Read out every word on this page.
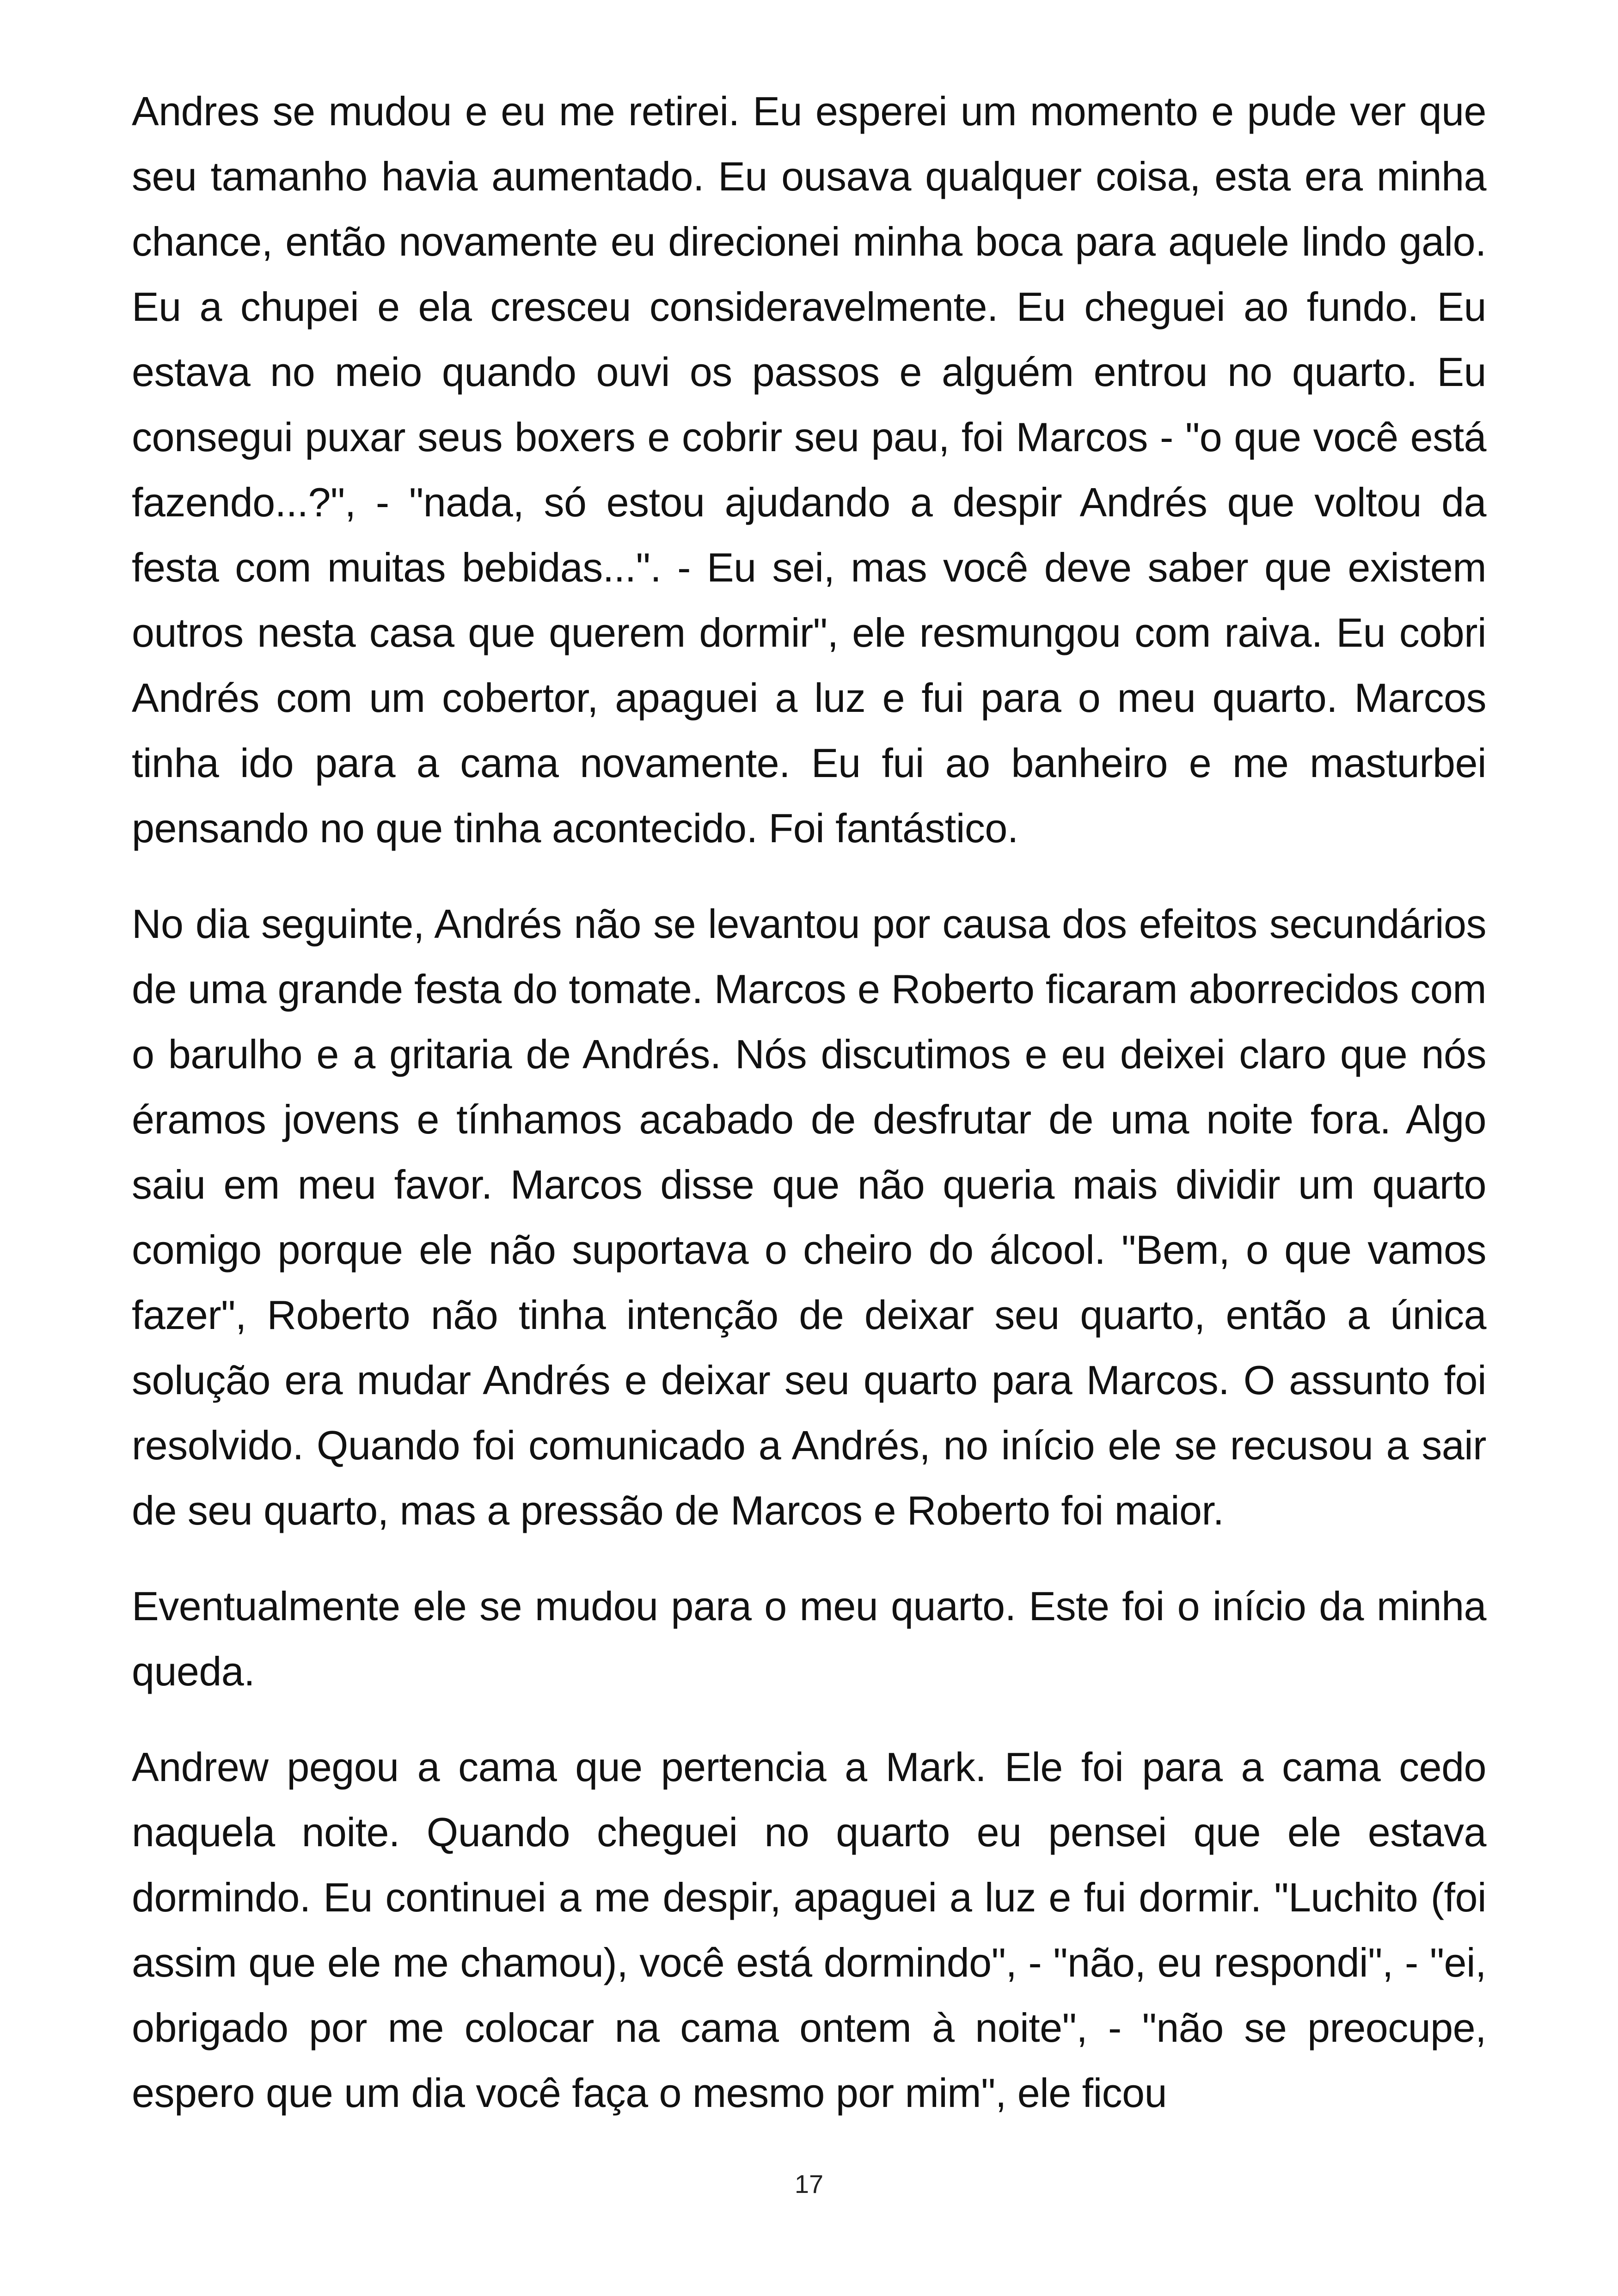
Andres se mudou e eu me retirei. Eu esperei um momento e pude ver que seu tamanho havia aumentado. Eu ousava qualquer coisa, esta era minha chance, então novamente eu direcionei minha boca para aquele lindo galo. Eu a chupei e ela cresceu consideravelmente. Eu cheguei ao fundo. Eu estava no meio quando ouvi os passos e alguém entrou no quarto. Eu consegui puxar seus boxers e cobrir seu pau, foi Marcos - "o que você está fazendo...?", - "nada, só estou ajudando a despir Andrés que voltou da festa com muitas bebidas...". - Eu sei, mas você deve saber que existem outros nesta casa que querem dormir", ele resmungou com raiva. Eu cobri Andrés com um cobertor, apaguei a luz e fui para o meu quarto. Marcos tinha ido para a cama novamente. Eu fui ao banheiro e me masturbei pensando no que tinha acontecido. Foi fantástico.

No dia seguinte, Andrés não se levantou por causa dos efeitos secundários de uma grande festa do tomate. Marcos e Roberto ficaram aborrecidos com o barulho e a gritaria de Andrés. Nós discutimos e eu deixei claro que nós éramos jovens e tínhamos acabado de desfrutar de uma noite fora. Algo saiu em meu favor. Marcos disse que não queria mais dividir um quarto comigo porque ele não suportava o cheiro do álcool. "Bem, o que vamos fazer", Roberto não tinha intenção de deixar seu quarto, então a única solução era mudar Andrés e deixar seu quarto para Marcos. O assunto foi resolvido. Quando foi comunicado a Andrés, no início ele se recusou a sair de seu quarto, mas a pressão de Marcos e Roberto foi maior.

Eventualmente ele se mudou para o meu quarto. Este foi o início da minha queda.

Andrew pegou a cama que pertencia a Mark. Ele foi para a cama cedo naquela noite. Quando cheguei no quarto eu pensei que ele estava dormindo. Eu continuei a me despir, apaguei a luz e fui dormir. "Luchito (foi assim que ele me chamou), você está dormindo", - "não, eu respondi", - "ei, obrigado por me colocar na cama ontem à noite", - "não se preocupe, espero que um dia você faça o mesmo por mim", ele ficou

17
